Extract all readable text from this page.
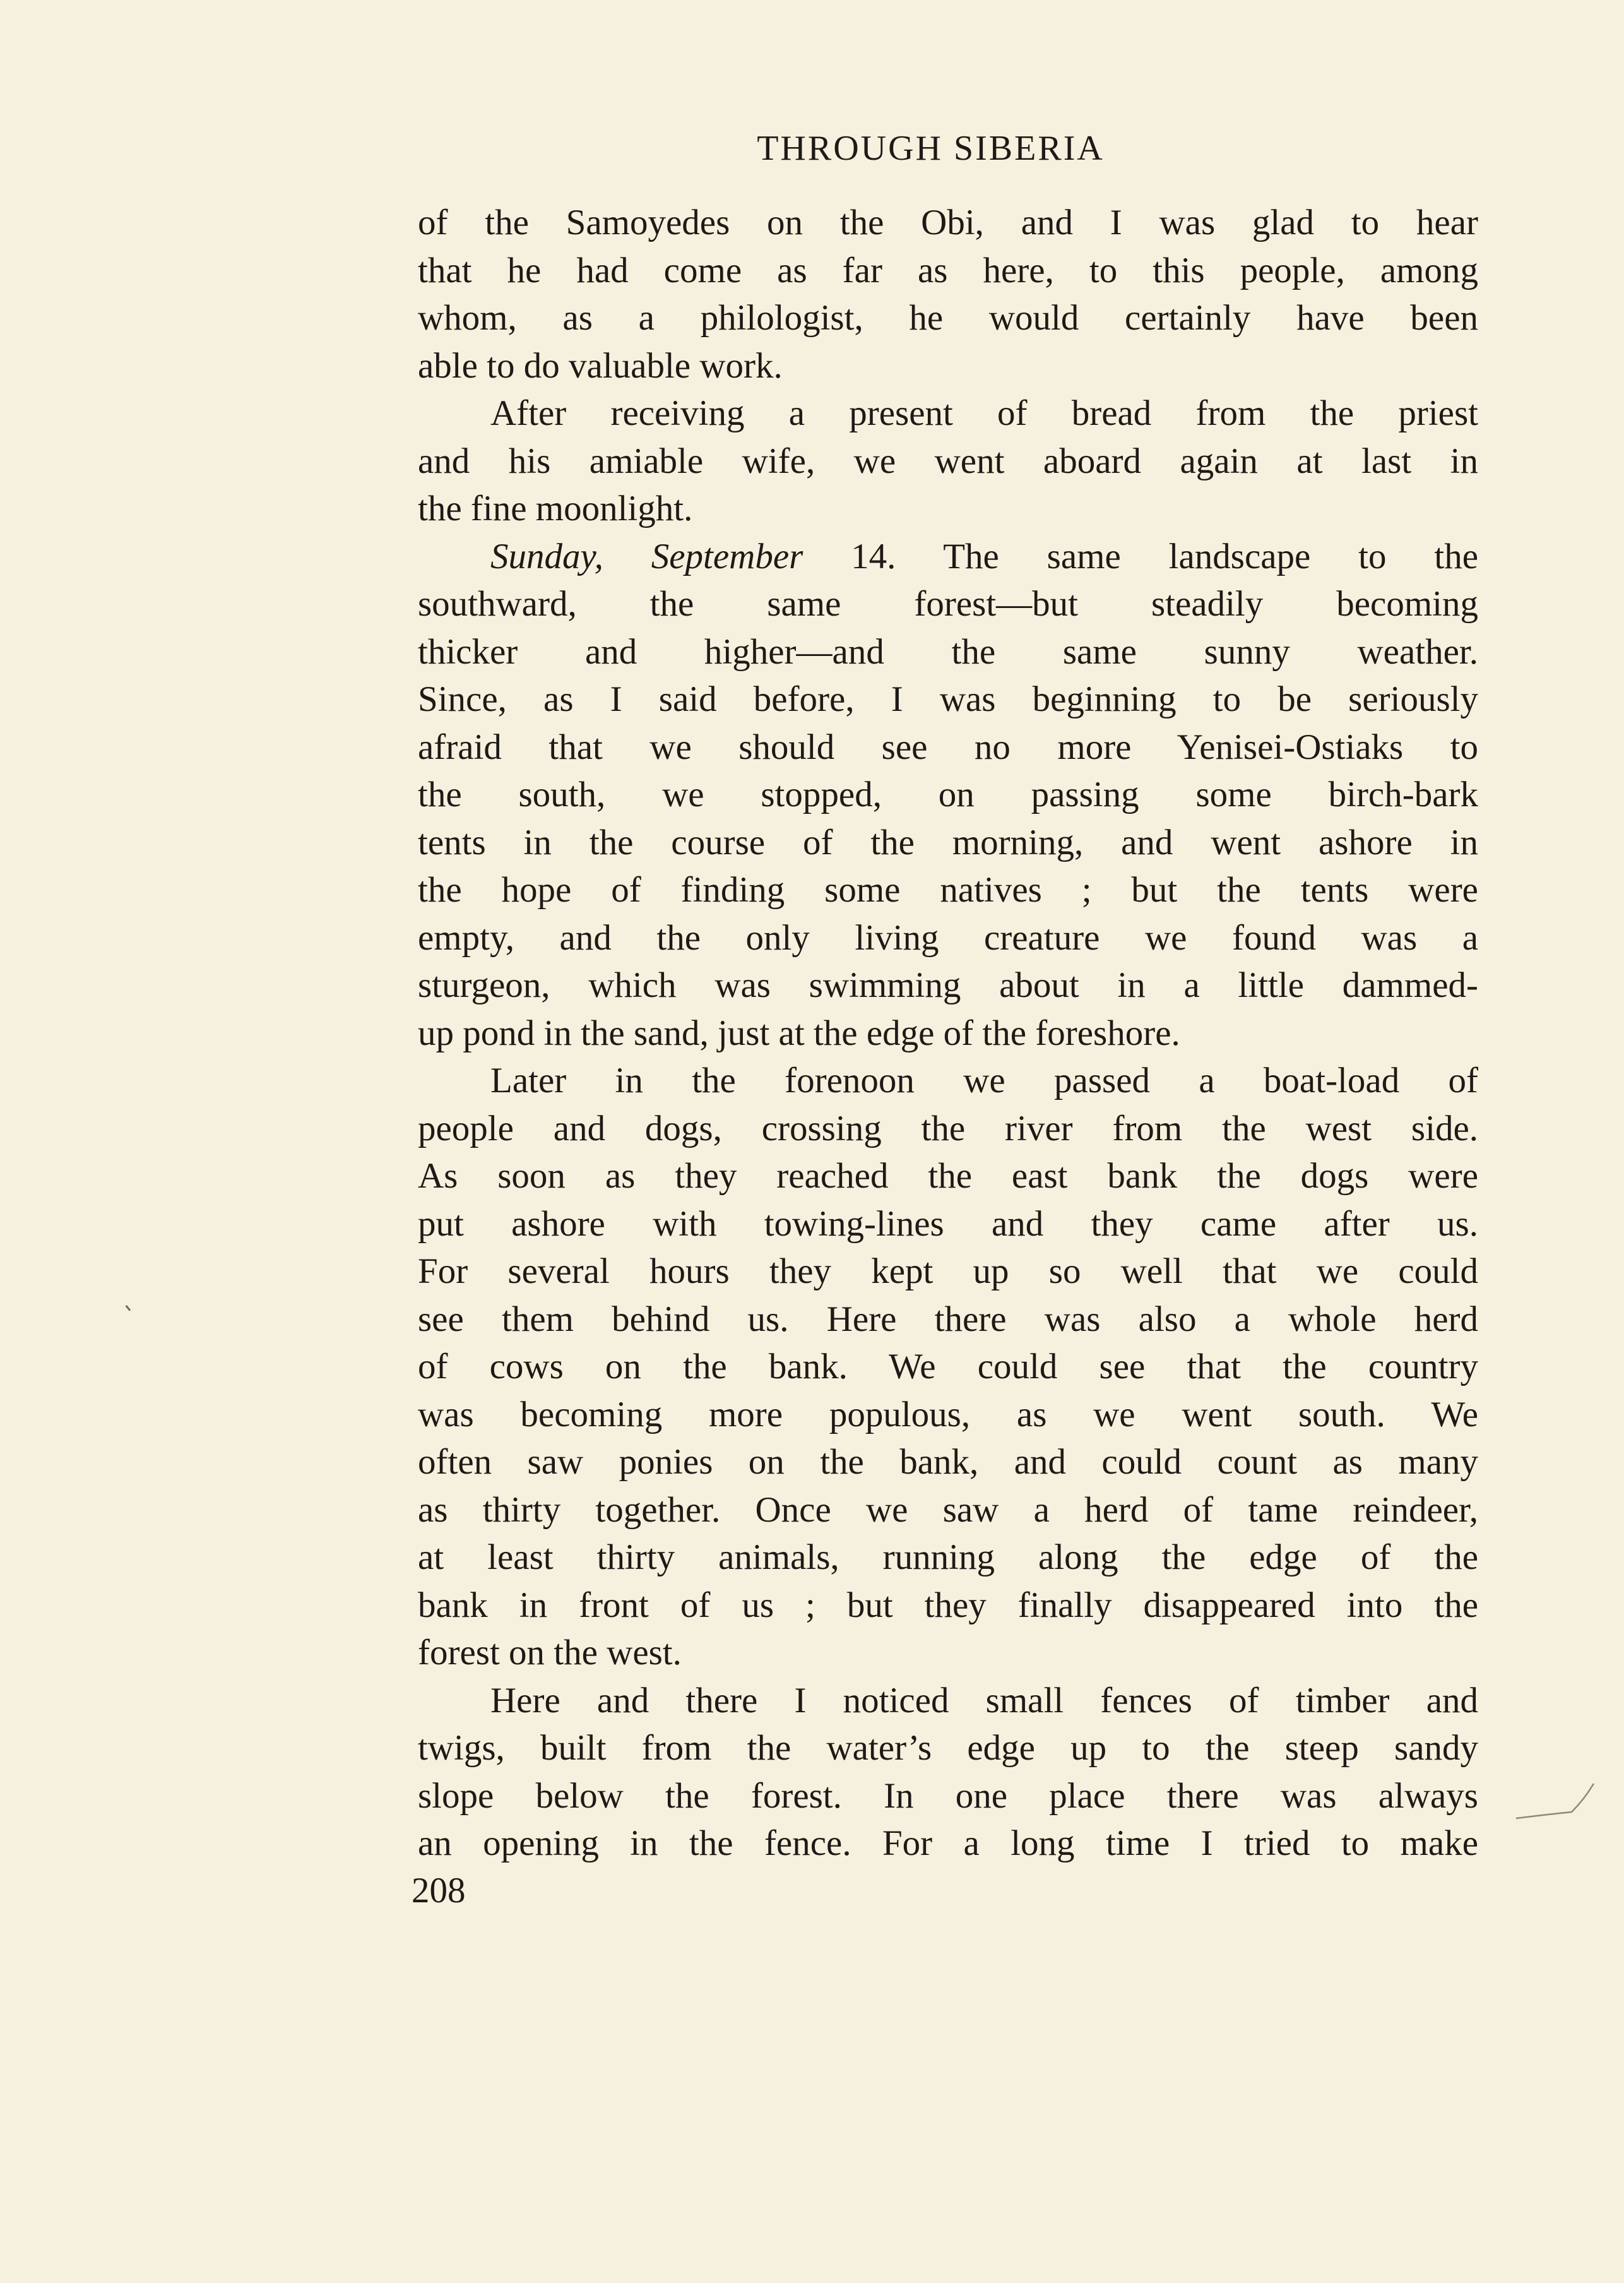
THROUGH SIBERIA
of the Samoyedes on the Obi, and I was glad to hear
that he had come as far as here, to this people, among
whom, as a philologist, he would certainly have been
able to do valuable work.
After receiving a present of bread from the priest
and his amiable wife, we went aboard again at last in
the fine moonlight.
Sunday, September 14. The same landscape to the
southward, the same forest—but steadily becoming
thicker and higher—and the same sunny weather.
Since, as I said before, I was beginning to be seriously
afraid that we should see no more Yenisei-Ostiaks to
the south, we stopped, on passing some birch-bark
tents in the course of the morning, and went ashore in
the hope of finding some natives ; but the tents were
empty, and the only living creature we found was a
sturgeon, which was swimming about in a little dammed-
up pond in the sand, just at the edge of the foreshore.
Later in the forenoon we passed a boat-load of
people and dogs, crossing the river from the west side.
As soon as they reached the east bank the dogs were
put ashore with towing-lines and they came after us.
For several hours they kept up so well that we could
see them behind us. Here there was also a whole herd
of cows on the bank. We could see that the country
was becoming more populous, as we went south. We
often saw ponies on the bank, and could count as many
as thirty together. Once we saw a herd of tame reindeer,
at least thirty animals, running along the edge of the
bank in front of us ; but they finally disappeared into the
forest on the west.
Here and there I noticed small fences of timber and
twigs, built from the water’s edge up to the steep sandy
slope below the forest. In one place there was always
an opening in the fence. For a long time I tried to make
208
